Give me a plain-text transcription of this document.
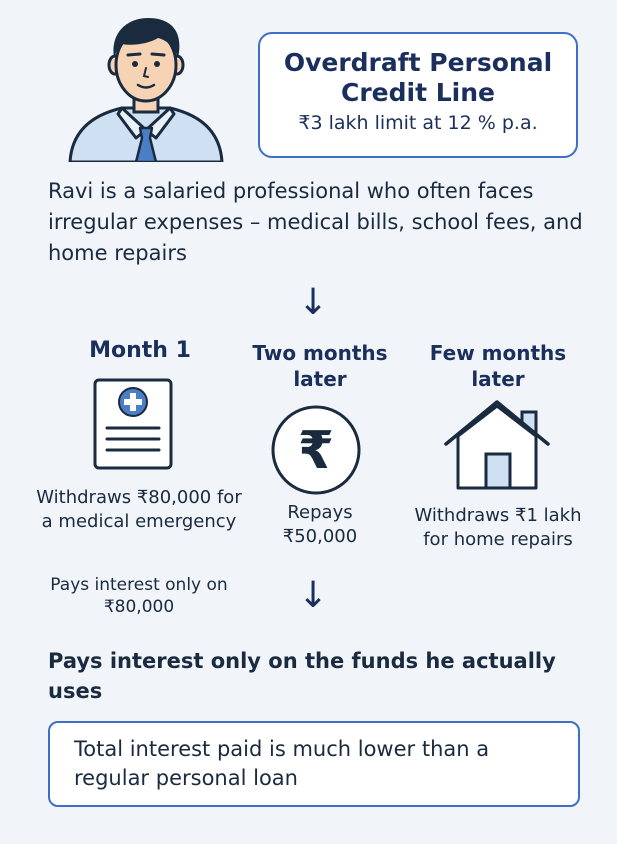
Overdraft Personal Credit Line
₹3 lakh limit at 12 % p.a.
Ravi is a salaried professional who often faces irregular expenses – medical bills, school fees, and home repairs
↓
Month 1
Withdraws ₹80,000 for a medical emergency
Pays interest only on ₹80,000
Two months later
₹
Repays ₹50,000
Few months later
Withdraws ₹1 lakh for home repairs
↓
Pays interest only on the funds he actually uses
Total interest paid is much lower than a regular personal loan
